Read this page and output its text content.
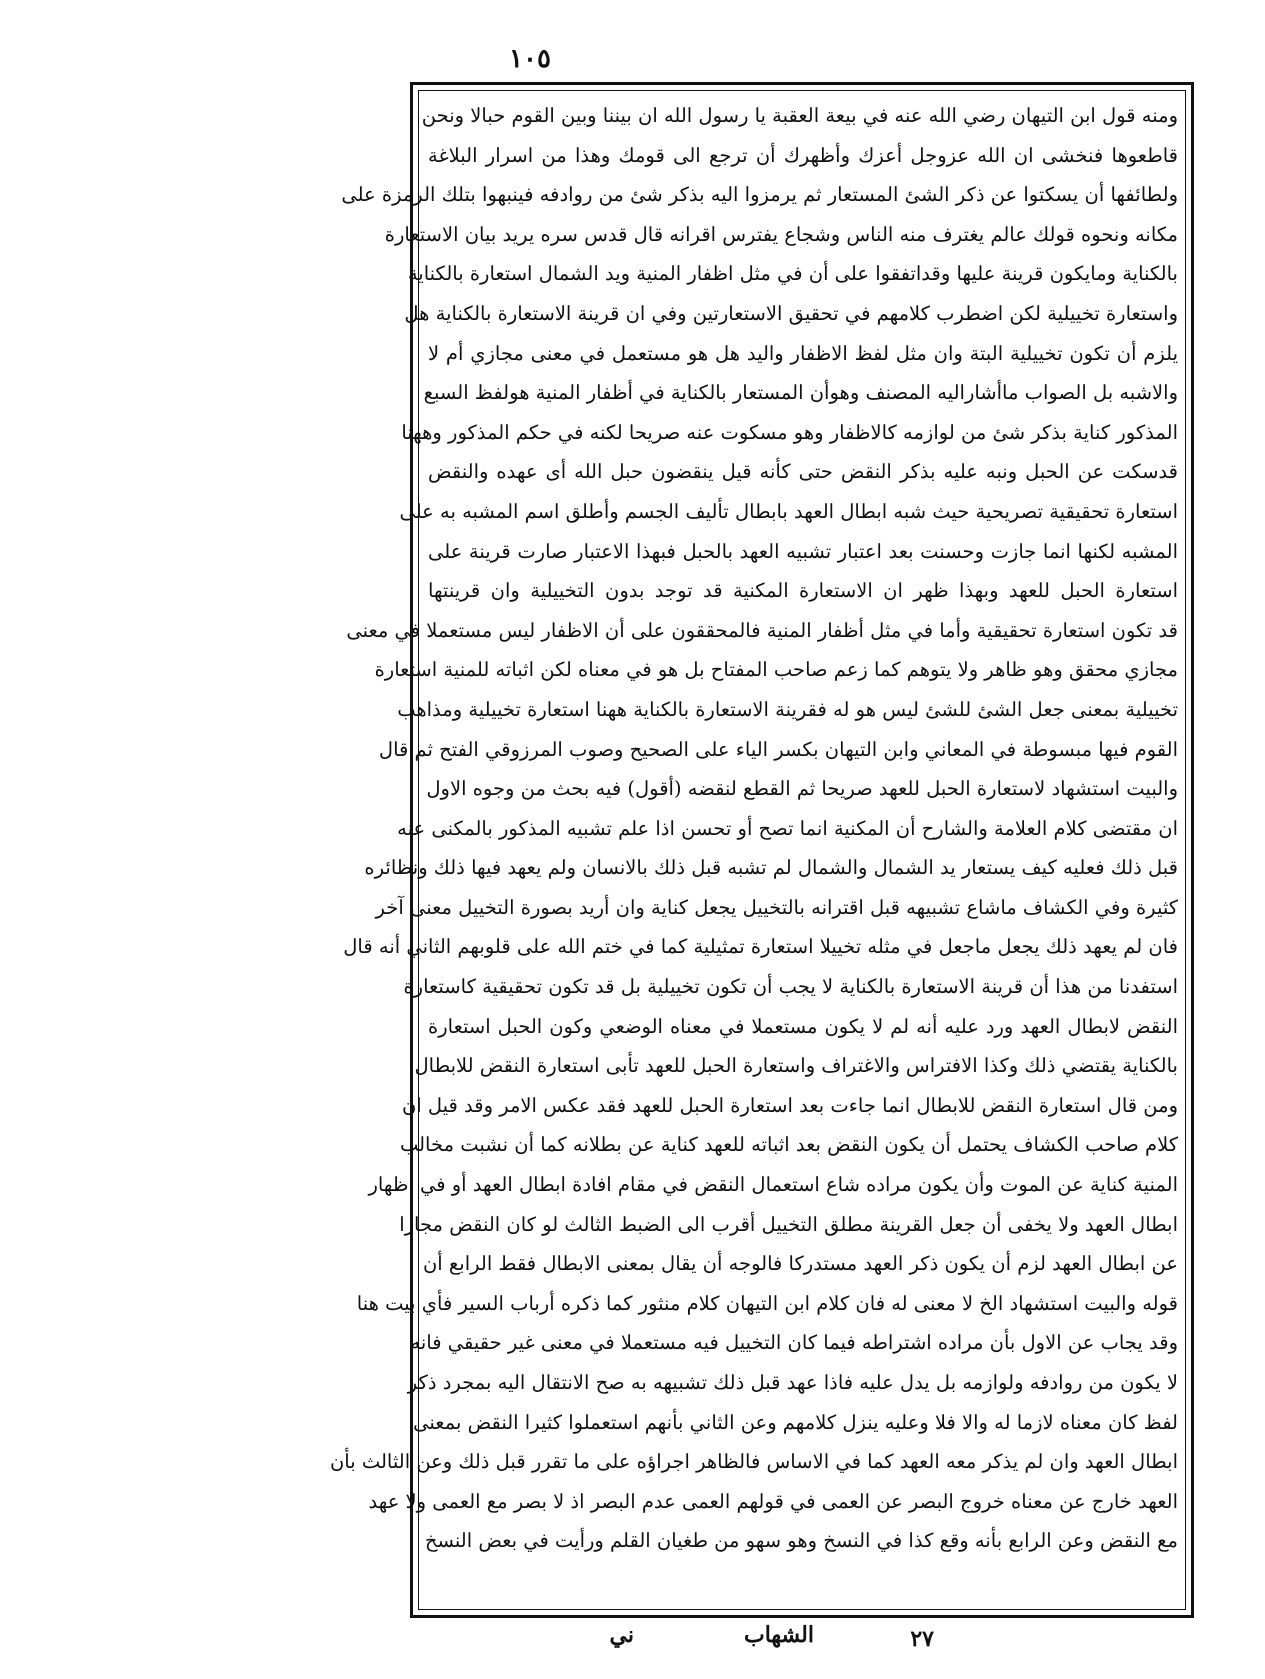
١٠٥
ومنه قول ابن التيهان رضي الله عنه في بيعة العقبة يا رسول الله ان بيننا وبين القوم حبالا ونحن
قاطعوها فنخشى ان الله عزوجل أعزك وأظهرك أن ترجع الى قومك وهذا من اسرار البلاغة
ولطائفها أن يسكتوا عن ذكر الشئ المستعار ثم يرمزوا اليه بذكر شئ من روادفه فينبهوا بتلك الرمزة على
مكانه ونحوه قولك عالم يغترف منه الناس وشجاع يفترس اقرانه قال قدس سره يريد بيان الاستعارة
بالكناية ومايكون قرينة عليها وقداتفقوا على أن في مثل اظفار المنية ويد الشمال استعارة بالكناية
واستعارة تخييلية لكن اضطرب كلامهم في تحقيق الاستعارتين وفي ان قرينة الاستعارة بالكناية هل
يلزم أن تكون تخييلية البتة وان مثل لفظ الاظفار واليد هل هو مستعمل في معنى مجازي أم لا
والاشبه بل الصواب ماأشاراليه المصنف وهوأن المستعار بالكناية في أظفار المنية هولفظ السبع
المذكور كناية بذكر شئ من لوازمه كالاظفار وهو مسكوت عنه صريحا لكنه في حكم المذكور وههنا
قدسكت عن الحبل ونبه عليه بذكر النقض حتى كأنه قيل ينقضون حبل الله أى عهده والنقض
استعارة تحقيقية تصريحية حيث شبه ابطال العهد بابطال تأليف الجسم وأطلق اسم المشبه به على
المشبه لكنها انما جازت وحسنت بعد اعتبار تشبيه العهد بالحبل فبهذا الاعتبار صارت قرينة على
استعارة الحبل للعهد وبهذا ظهر ان الاستعارة المكنية قد توجد بدون التخييلية وان قرينتها
قد تكون استعارة تحقيقية وأما في مثل أظفار المنية فالمحققون على أن الاظفار ليس مستعملا في معنى
مجازي محقق وهو ظاهر ولا يتوهم كما زعم صاحب المفتاح بل هو في معناه لكن اثباته للمنية استعارة
تخييلية بمعنى جعل الشئ للشئ ليس هو له فقرينة الاستعارة بالكناية ههنا استعارة تخييلية ومذاهب
القوم فيها مبسوطة في المعاني وابن التيهان بكسر الياء على الصحيح وصوب المرزوقي الفتح ثم قال
والبيت استشهاد لاستعارة الحبل للعهد صريحا ثم القطع لنقضه (أقول) فيه بحث من وجوه الاول
ان مقتضى كلام العلامة والشارح أن المكنية انما تصح أو تحسن اذا علم تشبيه المذكور بالمكنى عنه
قبل ذلك فعليه كيف يستعار يد الشمال والشمال لم تشبه قبل ذلك بالانسان ولم يعهد فيها ذلك ونظائره
كثيرة وفي الكشاف ماشاع تشبيهه قبل اقترانه بالتخييل يجعل كناية وان أريد بصورة التخييل معنى آخر
فان لم يعهد ذلك يجعل ماجعل في مثله تخييلا استعارة تمثيلية كما في ختم الله على قلوبهم الثاني أنه قال
استفدنا من هذا أن قرينة الاستعارة بالكناية لا يجب أن تكون تخييلية بل قد تكون تحقيقية كاستعارة
النقض لابطال العهد ورد عليه أنه لم لا يكون مستعملا في معناه الوضعي وكون الحبل استعارة
بالكناية يقتضي ذلك وكذا الافتراس والاغتراف واستعارة الحبل للعهد تأبى استعارة النقض للابطال
ومن قال استعارة النقض للابطال انما جاءت بعد استعارة الحبل للعهد فقد عكس الامر وقد قيل ان
كلام صاحب الكشاف يحتمل أن يكون النقض بعد اثباته للعهد كناية عن بطلانه كما أن نشبت مخالب
المنية كناية عن الموت وأن يكون مراده شاع استعمال النقض في مقام افادة ابطال العهد أو في اظهار
ابطال العهد ولا يخفى أن جعل القرينة مطلق التخييل أقرب الى الضبط الثالث لو كان النقض مجازا
عن ابطال العهد لزم أن يكون ذكر العهد مستدركا فالوجه أن يقال بمعنى الابطال فقط الرابع أن
قوله والبيت استشهاد الخ لا معنى له فان كلام ابن التيهان كلام منثور كما ذكره أرباب السير فأي بيت هنا
وقد يجاب عن الاول بأن مراده اشتراطه فيما كان التخييل فيه مستعملا في معنى غير حقيقي فانه
لا يكون من روادفه ولوازمه بل يدل عليه فاذا عهد قبل ذلك تشبيهه به صح الانتقال اليه بمجرد ذكر
لفظ كان معناه لازما له والا فلا وعليه ينزل كلامهم وعن الثاني بأنهم استعملوا كثيرا النقض بمعنى
ابطال العهد وان لم يذكر معه العهد كما في الاساس فالظاهر اجراؤه على ما تقرر قبل ذلك وعن الثالث بأن
العهد خارج عن معناه خروج البصر عن العمى في قولهم العمى عدم البصر اذ لا بصر مع العمى ولا عهد
مع النقض وعن الرابع بأنه وقع كذا في النسخ وهو سهو من طغيان القلم ورأيت في بعض النسخ
٢٧
الشهاب
ني
